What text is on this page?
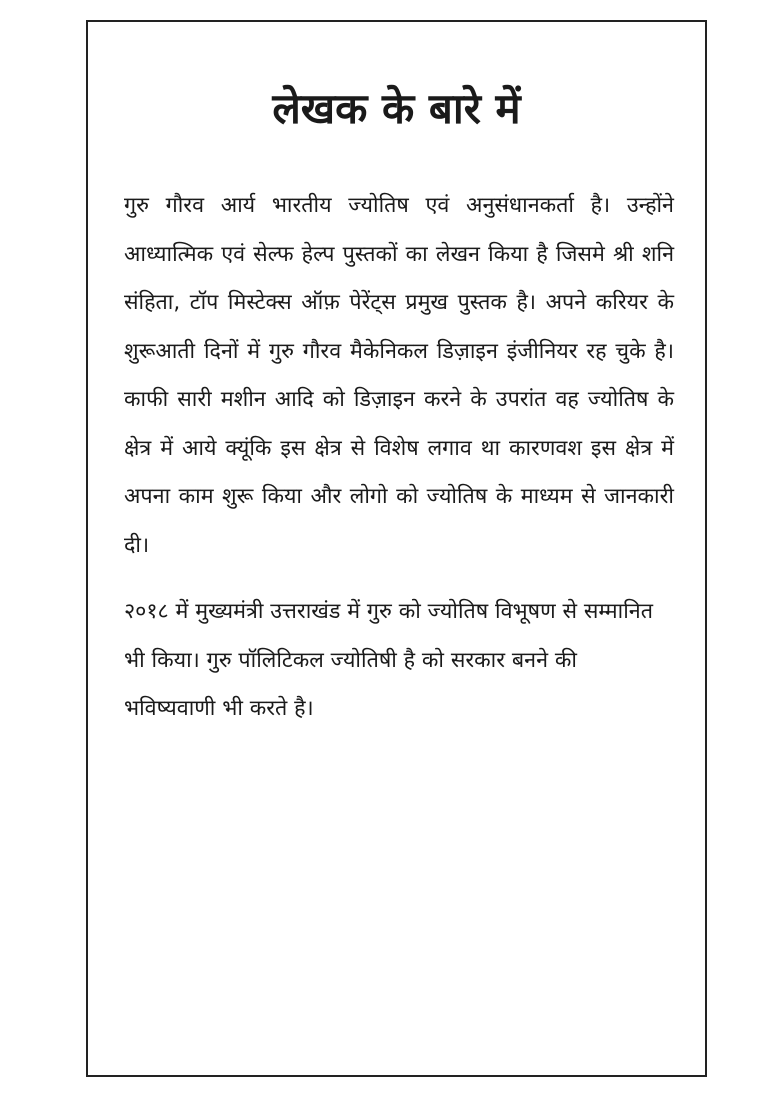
लेखक के बारे में

गुरु गौरव आर्य भारतीय ज्योतिष एवं अनुसंधानकर्ता है। उन्होंने आध्यात्मिक एवं सेल्फ हेल्प पुस्तकों का लेखन किया है जिसमे श्री शनि संहिता, टॉप मिस्टेक्स ऑफ़ पेरेंट्स प्रमुख पुस्तक है। अपने करियर के शुरूआती दिनों में गुरु गौरव मैकेनिकल डिज़ाइन इंजीनियर रह चुके है। काफी सारी मशीन आदि को डिज़ाइन करने के उपरांत वह ज्योतिष के क्षेत्र में आये क्यूंकि इस क्षेत्र से विशेष लगाव था कारणवश इस क्षेत्र में अपना काम शुरू किया और लोगो को ज्योतिष के माध्यम से जानकारी दी।

२०१८ में मुख्यमंत्री उत्तराखंड में गुरु को ज्योतिष विभूषण से सम्मानित भी किया। गुरु पॉलिटिकल ज्योतिषी है को सरकार बनने की भविष्यवाणी भी करते है।
